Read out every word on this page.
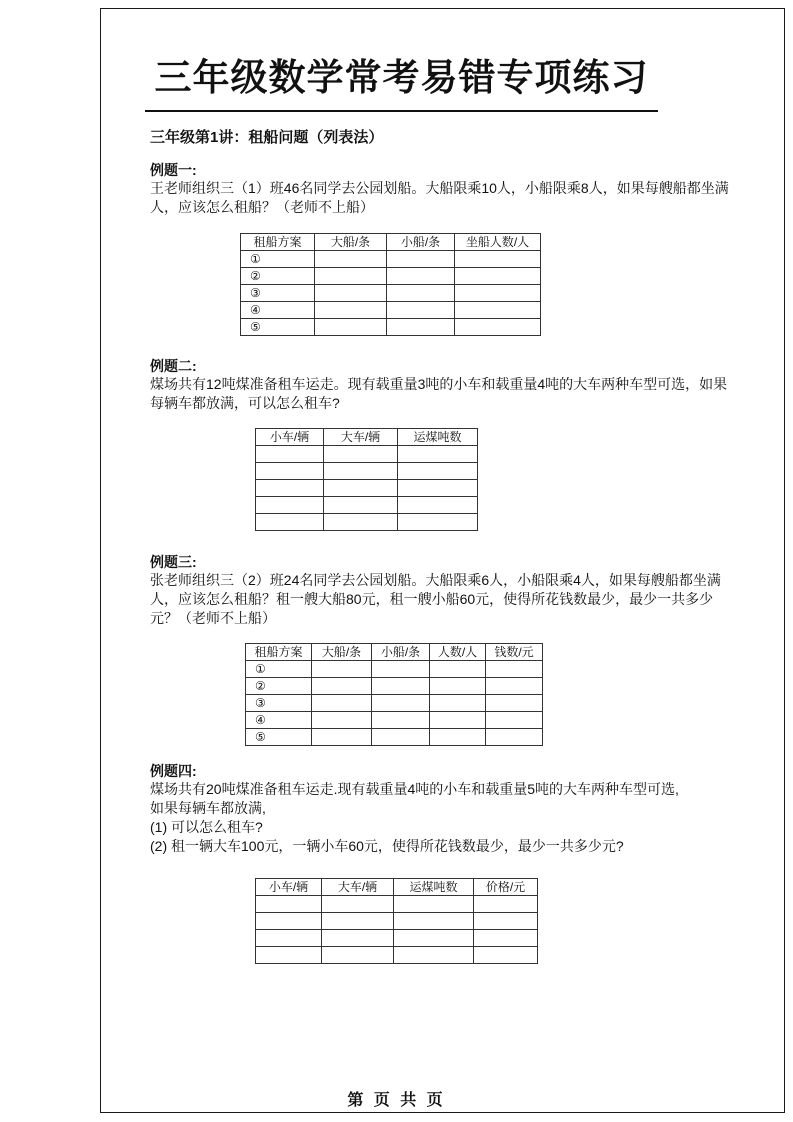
三年级数学常考易错专项练习
三年级第1讲：租船问题（列表法）
例题一:
王老师组织三（1）班46名同学去公园划船。大船限乘10人，小船限乘8人，如果每艘船都坐满人，应该怎么租船？（老师不上船）
租船方案	大船/条	小船/条	坐船人数/人
①			
②			
③			
④			
⑤			
例题二:
煤场共有12吨煤准备租车运走。现有载重量3吨的小车和载重量4吨的大车两种车型可选，如果每辆车都放满，可以怎么租车?
小车/辆	大车/辆	运煤吨数

例题三:
张老师组织三（2）班24名同学去公园划船。大船限乘6人，小船限乘4人，如果每艘船都坐满人，应该怎么租船？租一艘大船80元，租一艘小船60元，使得所花钱数最少，最少一共多少元？（老师不上船）
租船方案	大船/条	小船/条	人数/人	钱数/元
①				
②				
③				
④				
⑤				
例题四:
煤场共有20吨煤准备租车运走.现有载重量4吨的小车和载重量5吨的大车两种车型可选,
如果每辆车都放满,
(1) 可以怎么租车?
(2) 租一辆大车100元，一辆小车60元，使得所花钱数最少，最少一共多少元?
小车/辆	大车/辆	运煤吨数	价格/元

第 页 共 页
